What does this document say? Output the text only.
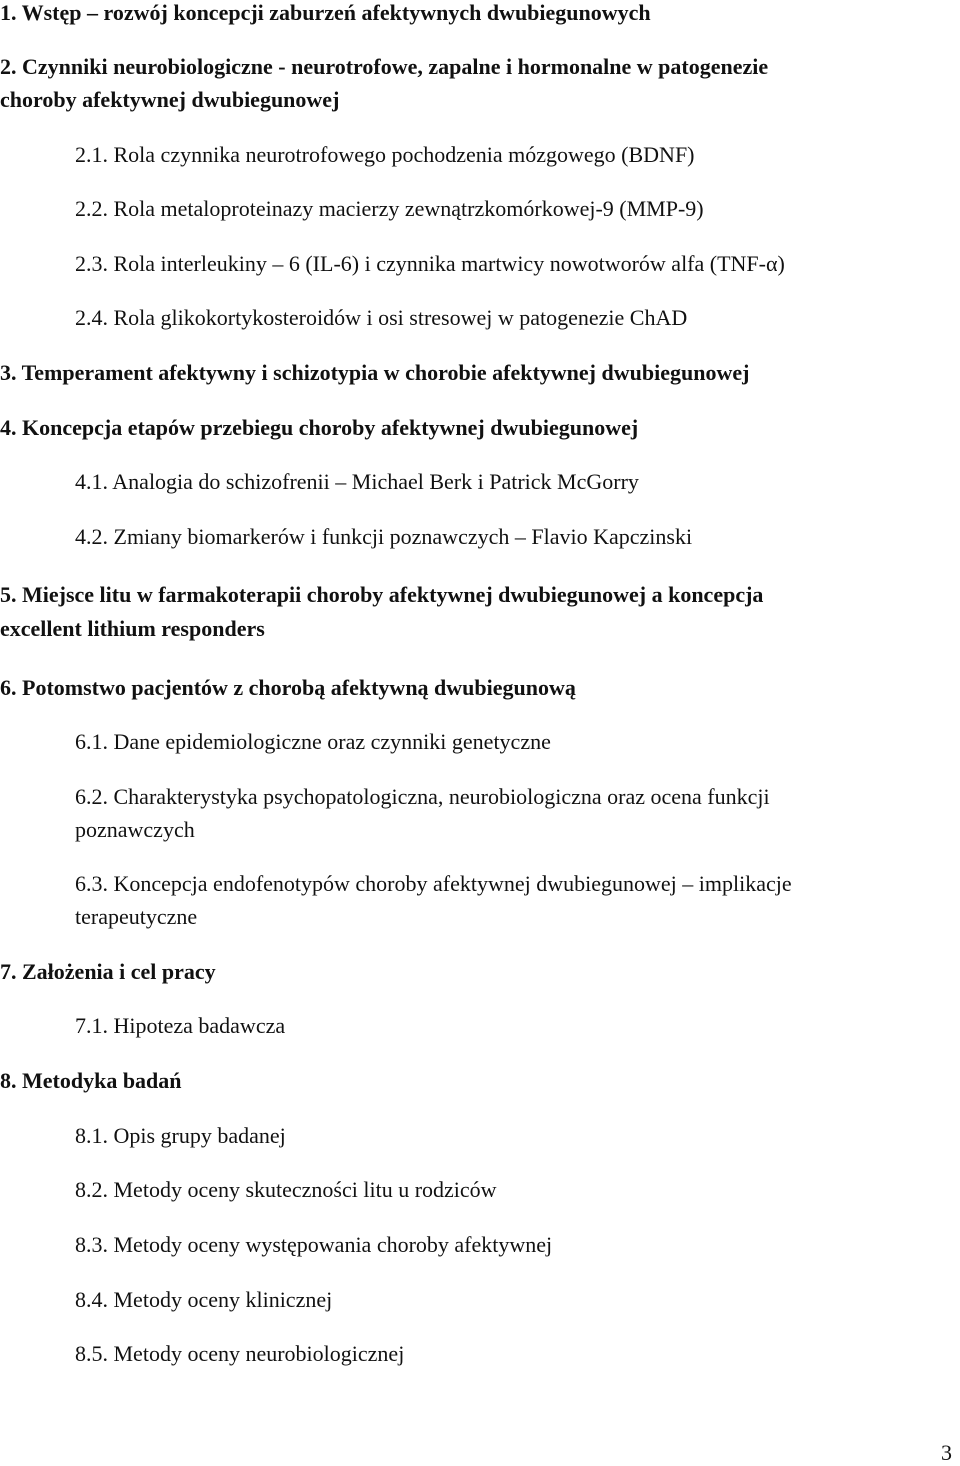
1. Wstęp – rozwój koncepcji zaburzeń afektywnych dwubiegunowych
2. Czynniki neurobiologiczne - neurotrofowe, zapalne i hormonalne w patogenezie
choroby afektywnej dwubiegunowej
2.1. Rola czynnika neurotrofowego pochodzenia mózgowego (BDNF)
2.2. Rola metaloproteinazy macierzy zewnątrzkomórkowej-9 (MMP-9)
2.3. Rola interleukiny – 6 (IL-6) i czynnika martwicy nowotworów alfa (TNF-α)
2.4. Rola glikokortykosteroidów i osi stresowej w patogenezie ChAD
3. Temperament afektywny i schizotypia w chorobie afektywnej dwubiegunowej
4. Koncepcja etapów przebiegu choroby afektywnej dwubiegunowej
4.1. Analogia do schizofrenii – Michael Berk i Patrick McGorry
4.2. Zmiany biomarkerów i funkcji poznawczych – Flavio Kapczinski
5. Miejsce litu w farmakoterapii choroby afektywnej dwubiegunowej a koncepcja
excellent lithium responders
6. Potomstwo pacjentów z chorobą afektywną dwubiegunową
6.1. Dane epidemiologiczne oraz czynniki genetyczne
6.2. Charakterystyka psychopatologiczna, neurobiologiczna oraz ocena funkcji
poznawczych
6.3. Koncepcja endofenotypów choroby afektywnej dwubiegunowej – implikacje
terapeutyczne
7. Założenia i cel pracy
7.1. Hipoteza badawcza
8. Metodyka badań
8.1. Opis grupy badanej
8.2. Metody oceny skuteczności litu u rodziców
8.3. Metody oceny występowania choroby afektywnej
8.4. Metody oceny klinicznej
8.5. Metody oceny neurobiologicznej
3
